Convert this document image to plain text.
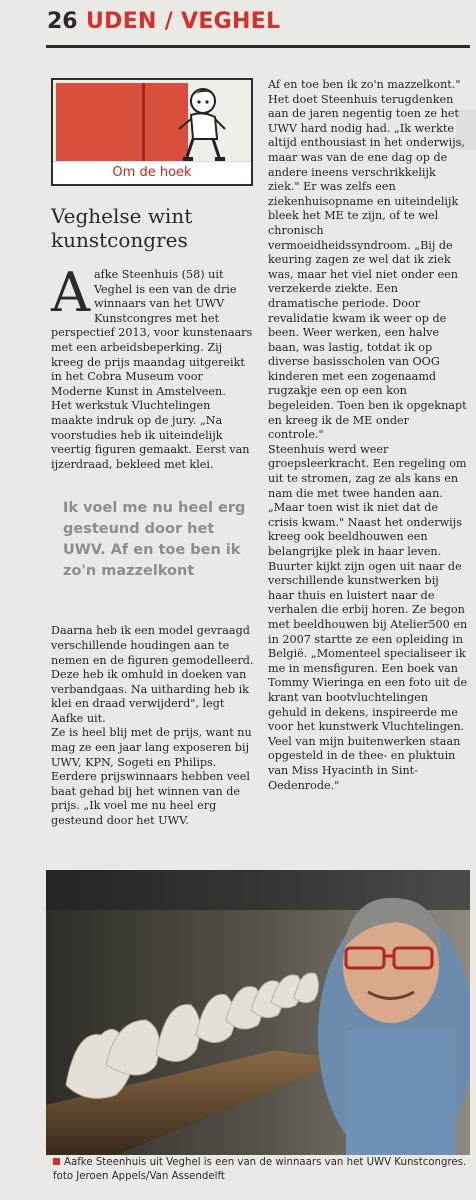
26 UDEN / VEGHEL
Om de hoek
Veghelse wint kunstcongres

Aafke Steenhuis (58) uit Veghel is een van de drie winnaars van het UWV Kunstcongres met het perspectief 2013, voor kunstenaars met een arbeidsbeperking. Zij kreeg de prijs maandag uitgereikt in het Cobra Museum voor Moderne Kunst in Amstelveen.

Het werkstuk Vluchtelingen maakte indruk op de jury. „Na voorstudies heb ik uiteindelijk veertig figuren gemaakt. Eerst van ijzerdraad, bekleed met klei.

Ik voel me nu heel erg gesteund door het UWV. Af en toe ben ik zo'n mazzelkont

Daarna heb ik een model gevraagd verschillende houdingen aan te nemen en de figuren gemodelleerd. Deze heb ik omhuld in doeken van verbandgaas. Na uitharding heb ik klei en draad verwijderd", legt Aafke uit.

Ze is heel blij met de prijs, want nu mag ze een jaar lang exposeren bij UWV, KPN, Sogeti en Philips. Eerdere prijswinnaars hebben veel baat gehad bij het winnen van de prijs. „Ik voel me nu heel erg gesteund door het UWV.

Af en toe ben ik zo'n mazzelkont."

Het doet Steenhuis terugdenken aan de jaren negentig toen ze het UWV hard nodig had. „Ik werkte altijd enthousiast in het onderwijs, maar was van de ene dag op de andere ineens verschrikkelijk ziek." Er was zelfs een ziekenhuisopname en uiteindelijk bleek het ME te zijn, of te wel chronisch vermoeidheidssyndroom. „Bij de keuring zagen ze wel dat ik ziek was, maar het viel niet onder een verzekerde ziekte. Een dramatische periode. Door revalidatie kwam ik weer op de been. Weer werken, een halve baan, was lastig, totdat ik op diverse basisscholen van OOG kinderen met een zogenaamd rugzakje een op een kon begeleiden. Toen ben ik opgeknapt en kreeg ik de ME onder controle."

Steenhuis werd weer groepsleerkracht. Een regeling om uit te stromen, zag ze als kans en nam die met twee handen aan. „Maar toen wist ik niet dat de crisis kwam." Naast het onderwijs kreeg ook beeldhouwen een belangrijke plek in haar leven. Buurter kijkt zijn ogen uit naar de verschillende kunstwerken bij haar thuis en luistert naar de verhalen die erbij horen. Ze begon met beeldhouwen bij Atelier500 en in 2007 startte ze een opleiding in België. „Momenteel specialiseer ik me in mensfiguren. Een boek van Tommy Wieringa en een foto uit de krant van bootvluchtelingen gehuld in dekens, inspireerde me voor het kunstwerk Vluchtelingen. Veel van mijn buitenwerken staan opgesteld in de thee- en pluktuin van Miss Hyacinth in Sint-Oedenrode."

Aafke Steenhuis uit Veghel is een van de winnaars van het UWV Kunstcongres. foto Jeroen Appels/Van Assendelft
